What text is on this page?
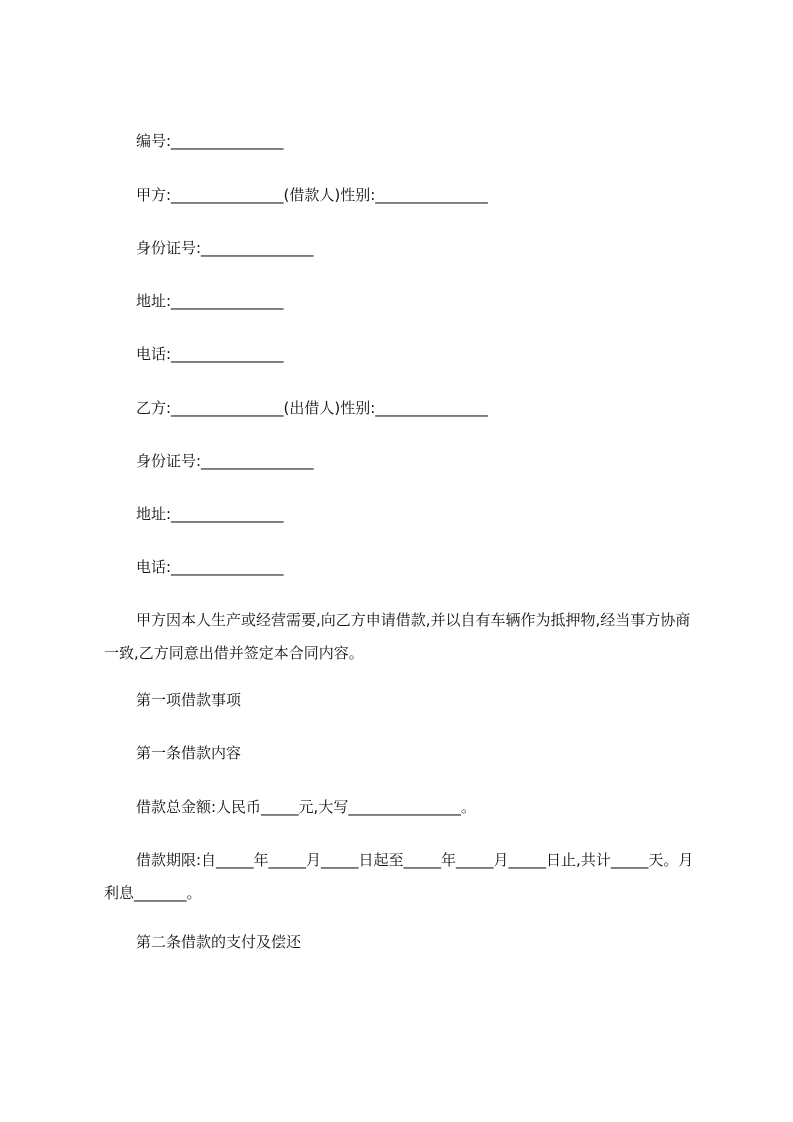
编号:_______________
甲方:_______________(借款人)性别:_______________
身份证号:_______________
地址:_______________
电话:_______________
乙方:_______________(出借人)性别:_______________
身份证号:_______________
地址:_______________
电话:_______________
甲方因本人生产或经营需要,向乙方申请借款,并以自有车辆作为抵押物,经当事方协商一致,乙方同意出借并签定本合同内容。
第一项借款事项
第一条借款内容
借款总金额:人民币_____元,大写_______________。
借款期限:自_____年_____月_____日起至_____年_____月_____日止,共计_____天。月利息_______。
第二条借款的支付及偿还
